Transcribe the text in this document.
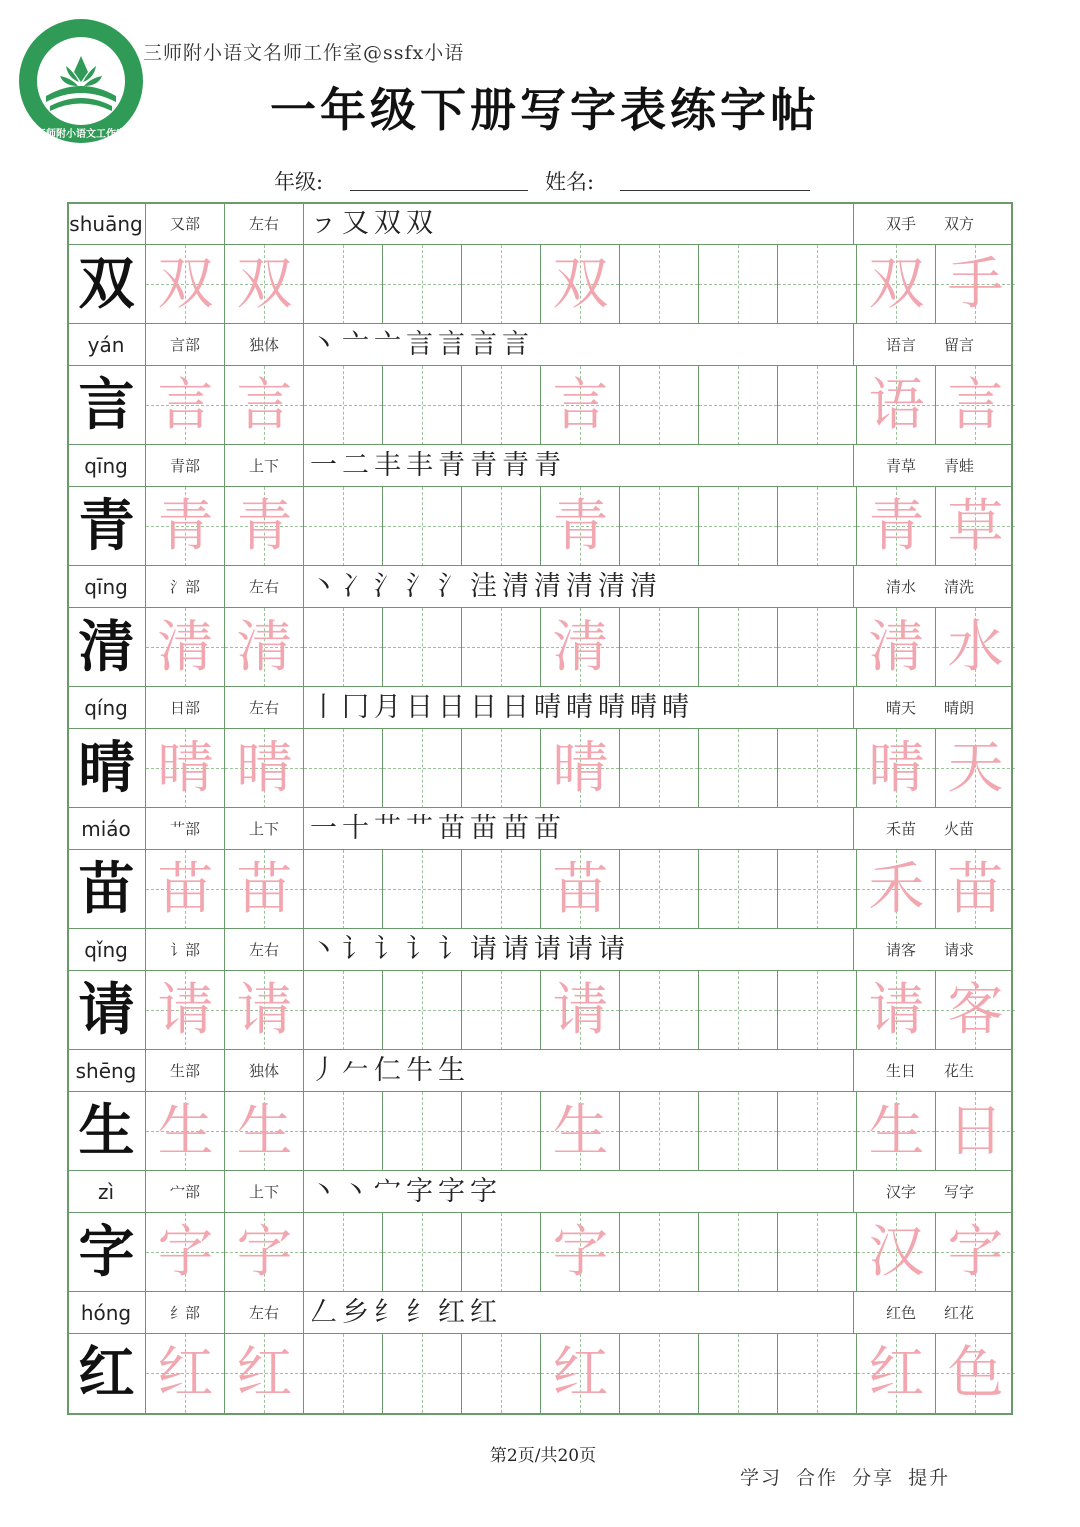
三师附小语文工作室
三师附小语文名师工作室@ssfx小语
一年级下册写字表练字帖
年级:	姓名:
shuāng	又部	左右	ㇷ 又 双 双	双手 双方
双 双 双	双	双 手
yán	言部	独体	丶 亠 亠 言 言 言 言	语言 留言
言 言 言	言	语 言
qīng	青部	上下	一 二 丰 丰 青 青 青 青	青草 青蛙
青 青 青	青	青 草
qīng	氵部	左右	丶 冫 氵 氵 氵 洼 清 清 清 清 清	清水 清洗
清 清 清	清	清 水
qíng	日部	左右	丨 冂 月 日 日 日 日 晴 晴 晴 晴 晴	晴天 晴朗
晴 晴 晴	晴	晴 天
miáo	艹部	上下	一 十 艹 艹 苗 苗 苗 苗	禾苗 火苗
苗 苗 苗	苗	禾 苗
qǐng	讠部	左右	丶 讠 讠 讠 讠 请 请 请 请 请	请客 请求
请 请 请	请	请 客
shēng	生部	独体	丿 𠂉 仁 牛 生	生日 花生
生 生 生	生	生 日
zì	宀部	上下	丶 丶 宀 字 字 字	汉字 写字
字 字 字	字	汉 字
hóng	纟部	左右	𠃋 乡 纟 纟 红 红	红色 红花
红 红 红	红	红 色
第2页/共20页
学习 合作 分享 提升
